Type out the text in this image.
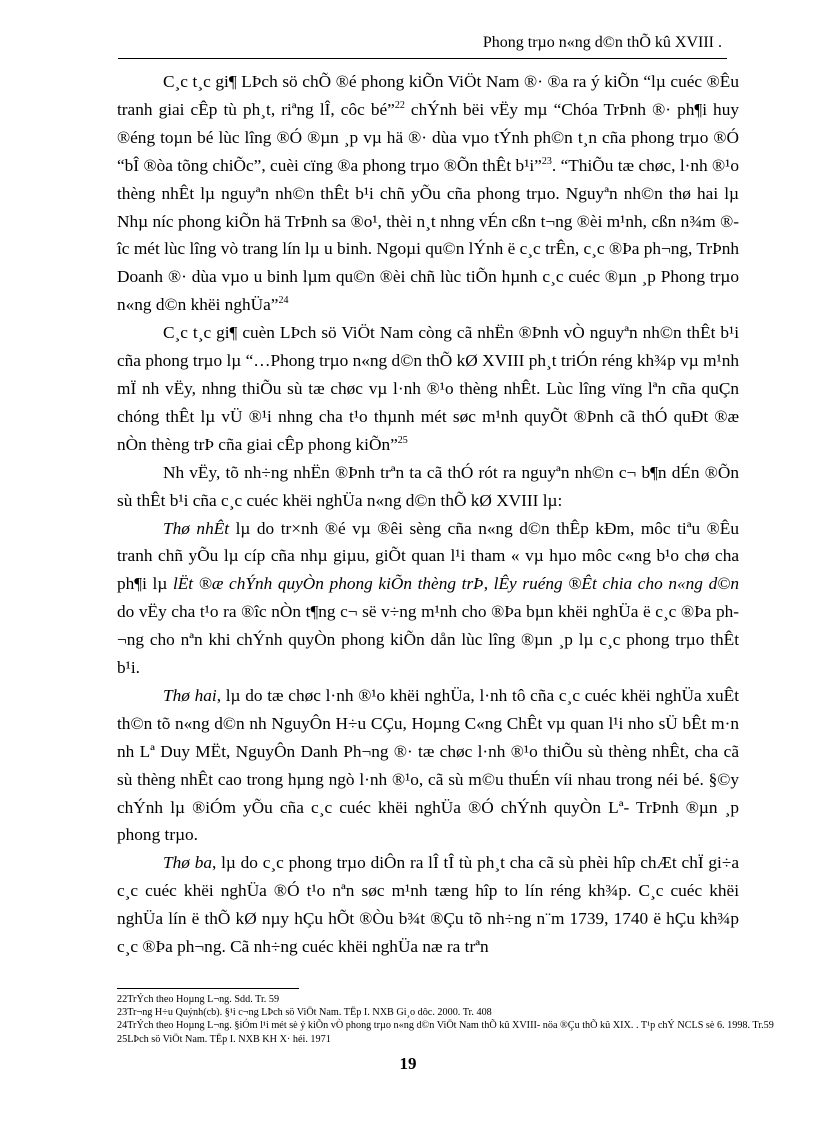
Phong trµo n«ng d©n thÕ kû XVIII .

C¸c t¸c gi¶ LÞch sö chÕ ®é phong kiÕn ViÖt Nam ®· ®a ra ý kiÕn “lµ cuéc ®Êu tranh giai cÊp tù ph¸t, riªng lÎ, côc bé”$^{22}$ chÝnh bëi vËy mµ “Chóa TrÞnh ®· ph¶i huy ®éng toµn bé lùc lîng ®Ó ®µn ¸p vµ hä ®· dùa vµo tÝnh ph©n t¸n cña phong trµo ®Ó “bÎ ®òa tõng chiÕc”, cuèi cïng ®a phong trµo ®Õn thÊt b¹i”$^{23}$. “ThiÕu tæ chøc, l·nh ®¹o thèng nhÊt lµ nguyªn nh©n thÊt b¹i chñ yÕu cña phong trµo. Nguyªn nh©n thø hai lµ Nhµ níc phong kiÕn hä TrÞnh sa ®o¹, thèi n¸t nhng vÉn cßn t¬ng ®èi m¹nh, cßn n¾m ®îc mét lùc lîng vò trang lín lµ u binh. Ngoµi qu©n lÝnh ë c¸c trÊn, c¸c ®Þa ph¬ng, TrÞnh Doanh ®· dùa vµo u binh lµm qu©n ®èi chñ lùc tiÕn hµnh c¸c cuéc ®µn ¸p Phong trµo n«ng d©n khëi nghÜa”$^{24}$

C¸c t¸c gi¶ cuèn LÞch sö ViÖt Nam còng cã nhËn ®Þnh vÒ nguyªn nh©n thÊt b¹i cña phong trµo lµ “…Phong trµo n«ng d©n thÕ kØ XVIII ph¸t triÓn réng kh¾p vµ m¹nh mÏ nh vËy, nhng thiÕu sù tæ chøc vµ l·nh ®¹o thèng nhÊt. Lùc lîng vïng lªn cña quÇn chóng thÊt lµ vÜ ®¹i nhng cha t¹o thµnh mét søc m¹nh quyÕt ®Þnh cã thÓ quÐt ®æ nÒn thèng trÞ cña giai cÊp phong kiÕn”$^{25}$

Nh vËy, tõ nh÷ng nhËn ®Þnh trªn ta cã thÓ rót ra nguyªn nh©n c¬ b¶n dÉn ®Õn sù thÊt b¹i cña c¸c cuéc khëi nghÜa n«ng d©n thÕ kØ XVIII lµ:

Thø nhÊt lµ do tr×nh ®é vµ ®êi sèng cña n«ng d©n thÊp kÐm, môc tiªu ®Êu tranh chñ yÕu lµ cíp cña nhµ giµu, giÕt quan l¹i tham « vµ hµo môc c«ng b¹o chø cha ph¶i lµ lËt ®æ chÝnh quyÒn phong kiÕn thèng trÞ, lÊy ruéng ®Êt chia cho n«ng d©n do vËy cha t¹o ra ®îc nÒn t¶ng c¬ së v÷ng m¹nh cho ®Þa bµn khëi nghÜa ë c¸c ®Þa ph¬ng cho nªn khi chÝnh quyÒn phong kiÕn dån lùc lîng ®µn ¸p lµ c¸c phong trµo thÊt b¹i.

Thø hai, lµ do tæ chøc l·nh ®¹o khëi nghÜa, l·nh tô cña c¸c cuéc khëi nghÜa xuÊt th©n tõ n«ng d©n nh NguyÔn H÷u CÇu, Hoµng C«ng ChÊt vµ quan l¹i nho sÜ bÊt m·n nh Lª Duy MËt, NguyÔn Danh Ph¬ng ®· tæ chøc l·nh ®¹o thiÕu sù thèng nhÊt, cha cã sù thèng nhÊt cao trong hµng ngò l·nh ®¹o, cã sù m©u thuÉn víi nhau trong néi bé. §©y chÝnh lµ ®iÓm yÕu cña c¸c cuéc khëi nghÜa ®Ó chÝnh quyÒn Lª- TrÞnh ®µn ¸p phong trµo.

Thø ba, lµ do c¸c phong trµo diÔn ra lÎ tÎ tù ph¸t cha cã sù phèi hîp chÆt chÏ gi÷a c¸c cuéc khëi nghÜa ®Ó t¹o nªn søc m¹nh tæng hîp to lín réng kh¾p. C¸c cuéc khëi nghÜa lín ë thÕ kØ nµy hÇu hÕt ®Òu b¾t ®Çu tõ nh÷ng n¨m 1739, 1740 ë hÇu kh¾p c¸c ®Þa ph¬ng. Cã nh÷ng cuéc khëi nghÜa næ ra trªn

22TrÝch theo Hoµng L¬ng. Sdd. Tr. 59
23Tr¬ng H÷u Quýnh(cb). §¹i c¬ng LÞch sö ViÖt Nam. TËp I. NXB Gi¸o dôc. 2000. Tr. 408
24TrÝch theo Hoµng L¬ng. §iÓm l¹i mét sè ý kiÕn vÒ phong trµo n«ng d©n ViÖt Nam thÕ kû XVIII- nöa ®Çu thÕ kû XIX. . T¹p chÝ NCLS sè 6. 1998. Tr.59
25LÞch sö ViÖt Nam. TËp I. NXB KH X· héi. 1971
19
